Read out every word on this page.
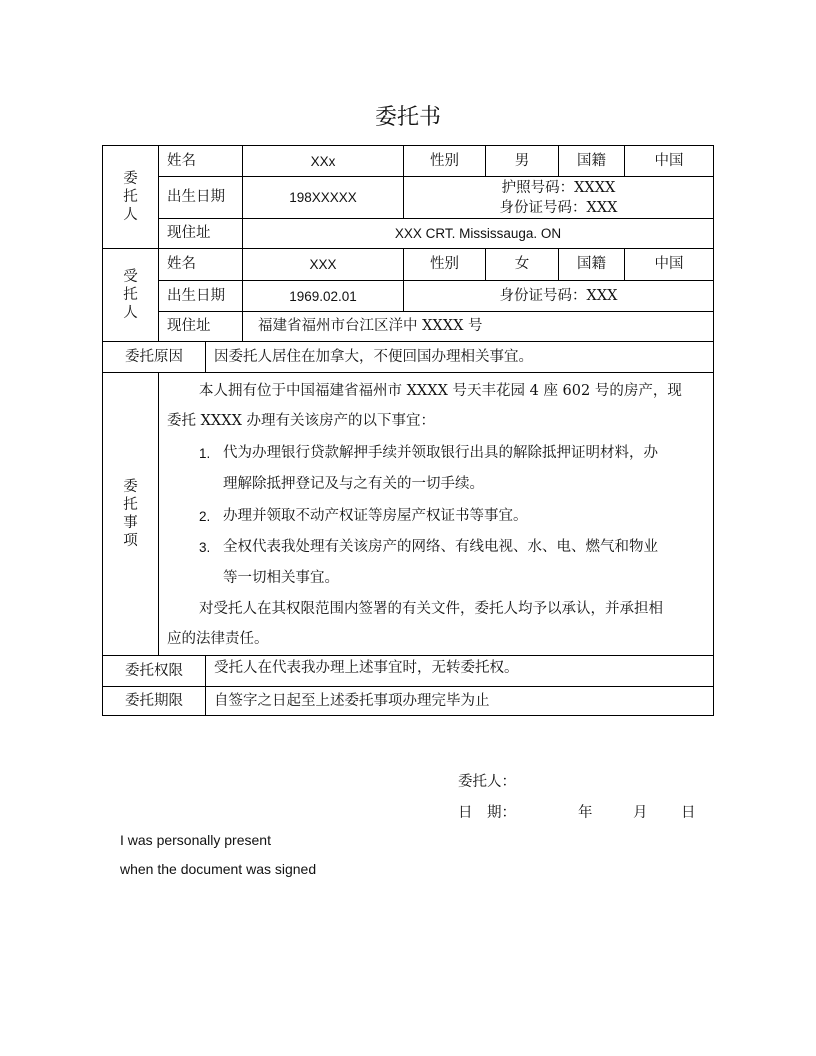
委托书
委
托
人
姓名	XXx	性别	男	国籍	中国
出生日期	198XXXXX
护照号码：XXXX
身份证号码：XXX
现住址	XXX CRT. Mississauga. ON
受
托
人
姓名	XXX	性别	女	国籍	中国
出生日期	1969.02.01	身份证号码：XXX
现住址	福建省福州市台江区洋中 XXXX 号
委托原因	因委托人居住在加拿大，不便回国办理相关事宜。
委
托
事
项
本人拥有位于中国福建省福州市 XXXX 号天丰花园 4 座 602 号的房产，现
委托 XXXX 办理有关该房产的以下事宜：
1. 代为办理银行贷款解押手续并领取银行出具的解除抵押证明材料，办
理解除抵押登记及与之有关的一切手续。
2. 办理并领取不动产权证等房屋产权证书等事宜。
3. 全权代表我处理有关该房产的网络、有线电视、水、电、燃气和物业
等一切相关事宜。
对受托人在其权限范围内签署的有关文件，委托人均予以承认，并承担相
应的法律责任。
委托权限	受托人在代表我办理上述事宜时，无转委托权。
委托期限	自签字之日起至上述委托事项办理完毕为止
委托人：
日　期：	年	月 日
I was personally present
when the document was signed
